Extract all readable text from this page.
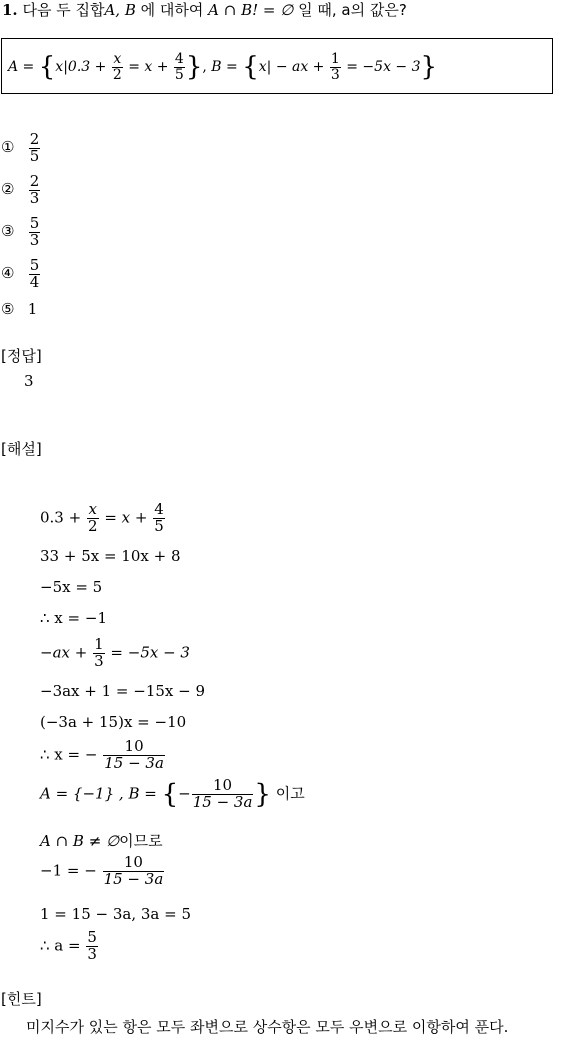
1. 다음 두 집합A, B 에 대하여 A ∩ B! = ∅ 일 때, a의 값은?
$A = \{x|0.3 + \frac{x}{2} = x + \frac{4}{5}$ }, B = {x| − ax + $\frac{1}{3} = -5x - 3$}
① $\frac{2}{5}$
② $\frac{2}{3}$
③ $\frac{5}{3}$
④ $\frac{5}{4}$
⑤ 1
[정답]
3
[해설]
$0.3 + \frac{x}{2} = x + \frac{4}{5}$
33 + 5x = 10x + 8
−5x = 5
∴ x = −1
$-ax + \frac{1}{3} = -5x - 3$
−3ax + 1 = −15x − 9
(−3a + 15)x = −10
∴ x = − $\frac{10}{15 - 3a}$
A = {−1} , B = {− $\frac{10}{15 - 3a}$ } 이고
A ∩ B ≠ ∅이므로
−1 = − $\frac{10}{15 - 3a}$
1 = 15 − 3a, 3a = 5
∴ $a = \frac{5}{3}$
[힌트]
미지수가 있는 항은 모두 좌변으로 상수항은 모두 우변으로 이항하여 푼다.
